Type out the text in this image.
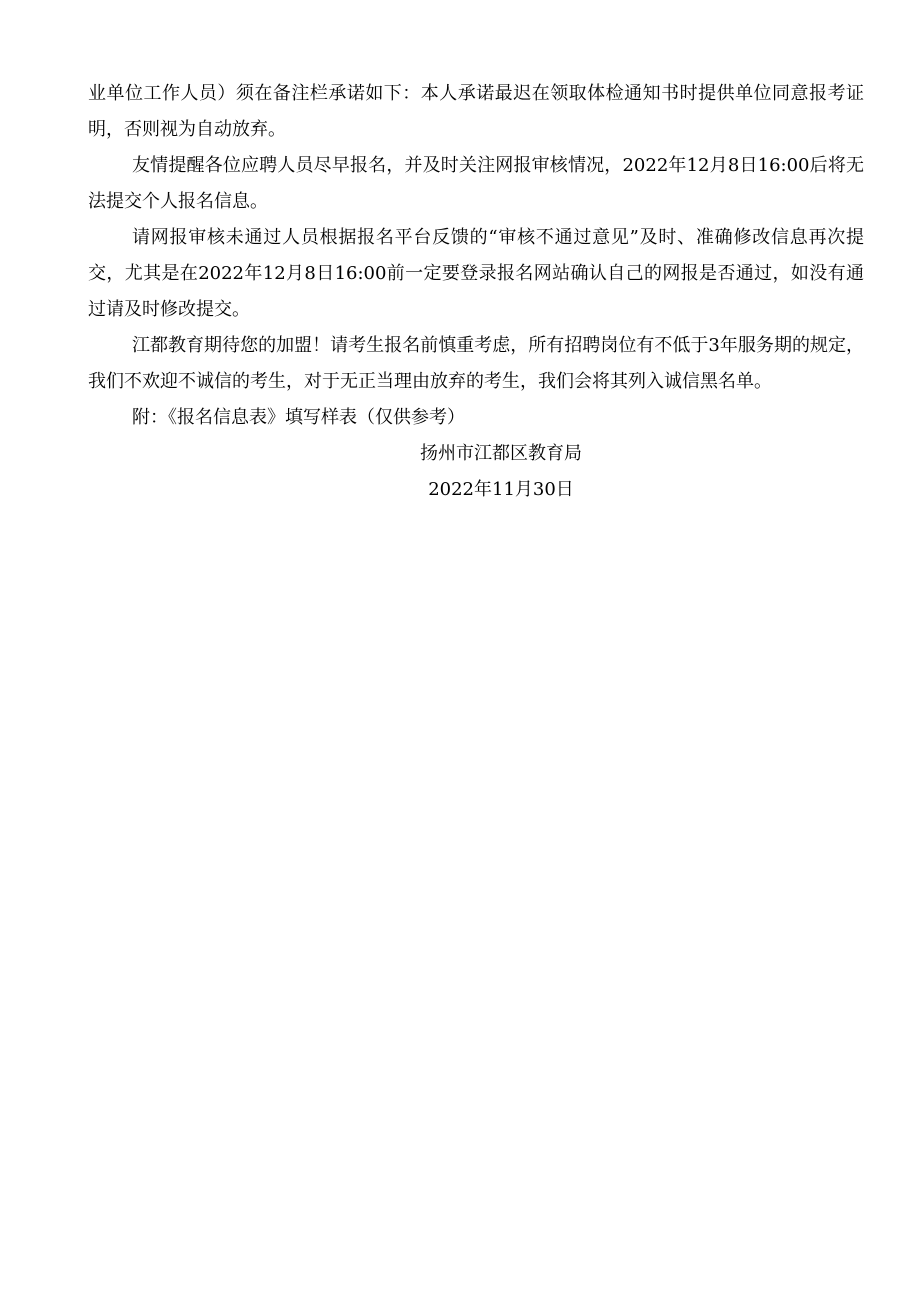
业单位工作人员）须在备注栏承诺如下：本人承诺最迟在领取体检通知书时提供单位同意报考证明，否则视为自动放弃。

友情提醒各位应聘人员尽早报名，并及时关注网报审核情况，2022年12月8日16:00后将无法提交个人报名信息。

请网报审核未通过人员根据报名平台反馈的“审核不通过意见”及时、准确修改信息再次提交，尤其是在2022年12月8日16:00前一定要登录报名网站确认自己的网报是否通过，如没有通过请及时修改提交。

江都教育期待您的加盟！请考生报名前慎重考虑，所有招聘岗位有不低于3年服务期的规定，我们不欢迎不诚信的考生，对于无正当理由放弃的考生，我们会将其列入诚信黑名单。

附：《报名信息表》填写样表（仅供参考）

扬州市江都区教育局

2022年11月30日
